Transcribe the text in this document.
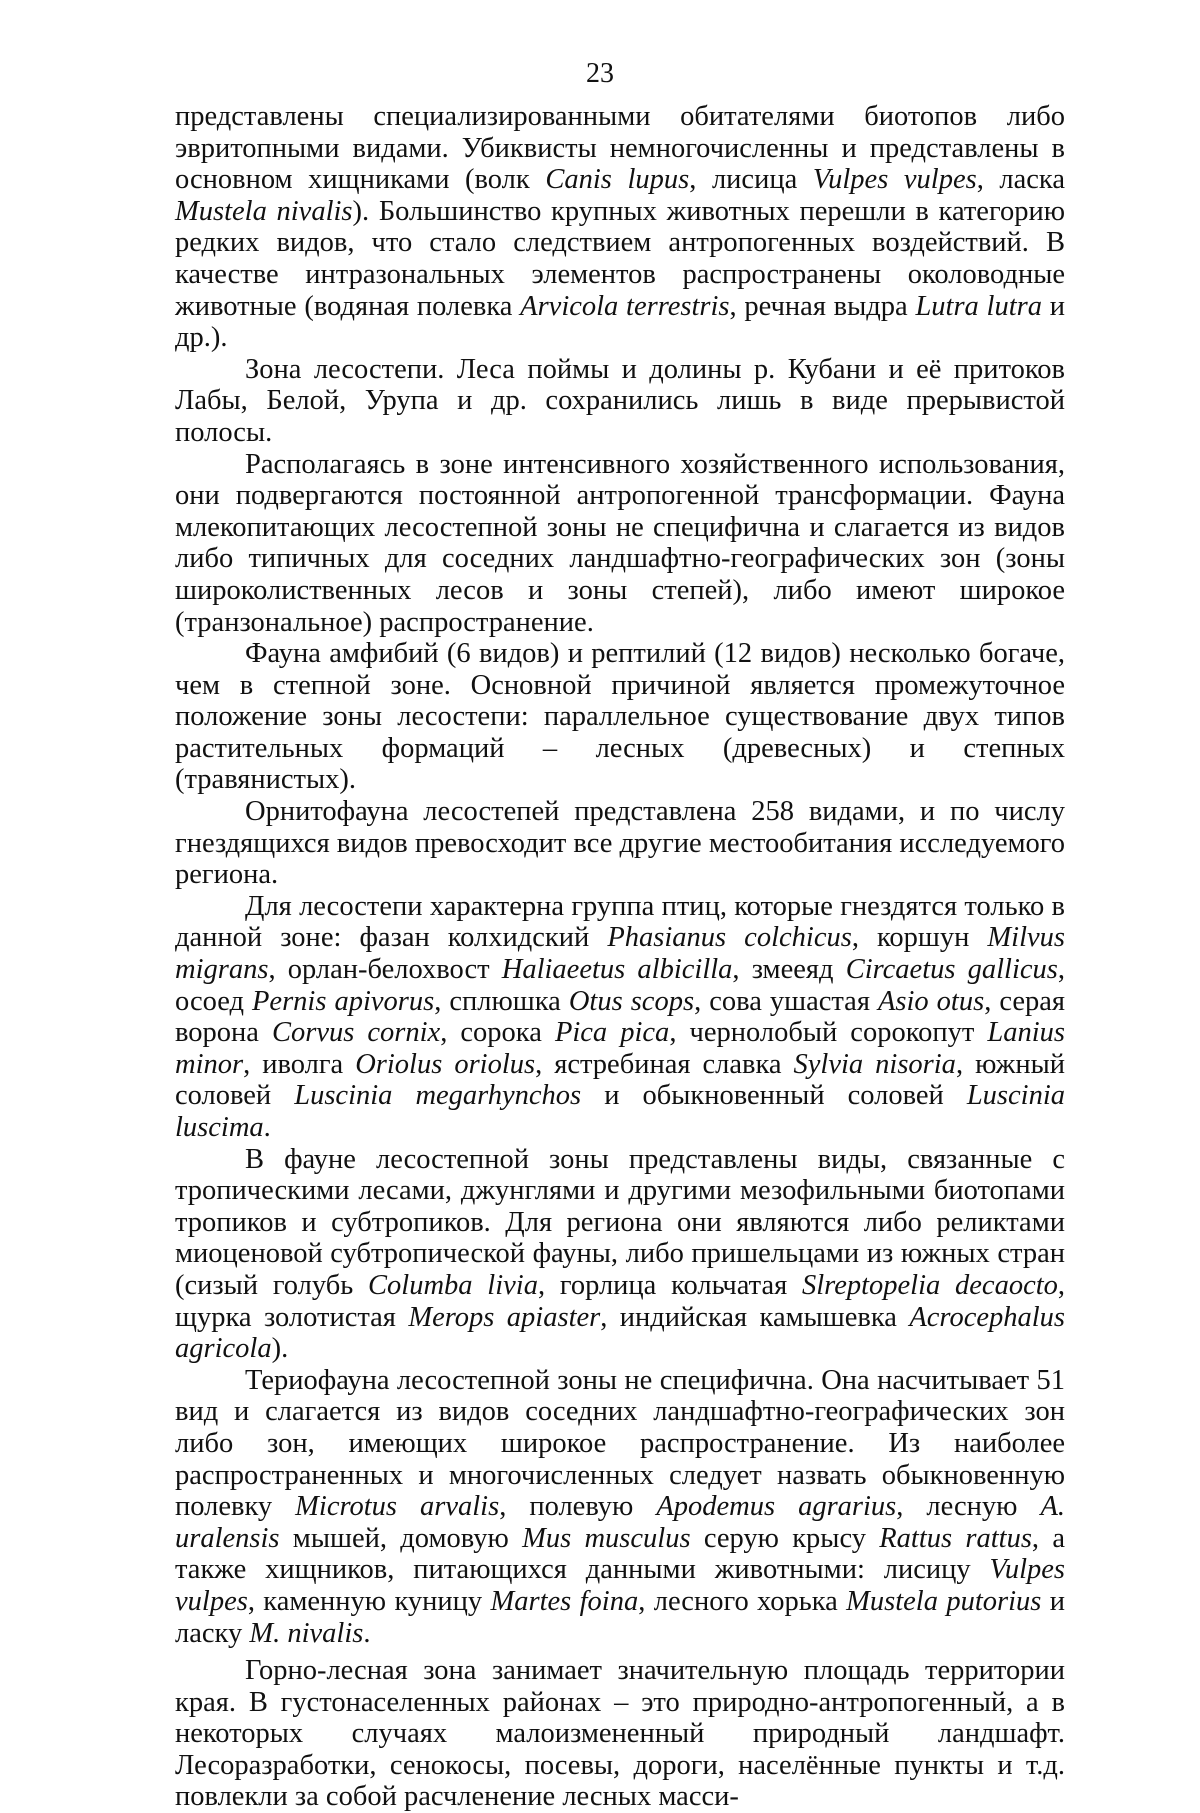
23

представлены специализированными обитателями биотопов либо эвритопными видами. Убиквисты немногочисленны и представлены в основном хищниками (волк Canis lupus, лисица Vulpes vulpes, ласка Mustela nivalis). Большинство крупных животных перешли в категорию редких видов, что стало следствием антропогенных воздействий. В качестве интразональных элементов распространены околоводные животные (водяная полевка Arvicola terrestris, речная выдра Lutra lutra и др.).

Зона лесостепи. Леса поймы и долины р. Кубани и её притоков Лабы, Белой, Урупа и др. сохранились лишь в виде прерывистой полосы.

Располагаясь в зоне интенсивного хозяйственного использования, они подвергаются постоянной антропогенной трансформации. Фауна млекопитающих лесостепной зоны не специфична и слагается из видов либо типичных для соседних ландшафтно-географических зон (зоны широколиственных лесов и зоны степей), либо имеют широкое (транзональное) распространение.

Фауна амфибий (6 видов) и рептилий (12 видов) несколько богаче, чем в степной зоне. Основной причиной является промежуточное положение зоны лесостепи: параллельное существование двух типов растительных формаций – лесных (древесных) и степных (травянистых).

Орнитофауна лесостепей представлена 258 видами, и по числу гнездящихся видов превосходит все другие местообитания исследуемого региона.

Для лесостепи характерна группа птиц, которые гнездятся только в данной зоне: фазан колхидский Phasianus colchicus, коршун Milvus migrans, орлан-белохвост Haliaeetus albicilla, змееяд Circaetus gallicus, осоед Pernis apivorus, сплюшка Otus scops, сова ушастая Asio otus, серая ворона Corvus cornix, сорока Pica pica, чернолобый сорокопут Lanius minor, иволга Oriolus oriolus, ястребиная славка Sylvia nisoria, южный соловей Luscinia megarhynchos и обыкновенный соловей Luscinia luscima.

В фауне лесостепной зоны представлены виды, связанные с тропическими лесами, джунглями и другими мезофильными биотопами тропиков и субтропиков. Для региона они являются либо реликтами миоценовой субтропической фауны, либо пришельцами из южных стран (сизый голубь Columba livia, горлица кольчатая Slreptopelia decaocto, щурка золотистая Merops apiaster, индийская камышевка Acrocephalus agricola).

Териофауна лесостепной зоны не специфична. Она насчитывает 51 вид и слагается из видов соседних ландшафтно-географических зон либо зон, имеющих широкое распространение. Из наиболее распространенных и многочисленных следует назвать обыкновенную полевку Microtus arvalis, полевую Apodemus agrarius, лесную A. uralensis мышей, домовую Mus musculus серую крысу Rattus rattus, а также хищников, питающихся данными животными: лисицу Vulpes vulpes, каменную куницу Martes foina, лесного хорька Mustela putorius и ласку M. nivalis.

Горно-лесная зона занимает значительную площадь территории края. В густонаселенных районах – это природно-антропогенный, а в некоторых случаях малоизмененный природный ландшафт. Лесоразработки, сенокосы, посевы, дороги, населённые пункты и т.д. повлекли за собой расчленение лесных масси-
